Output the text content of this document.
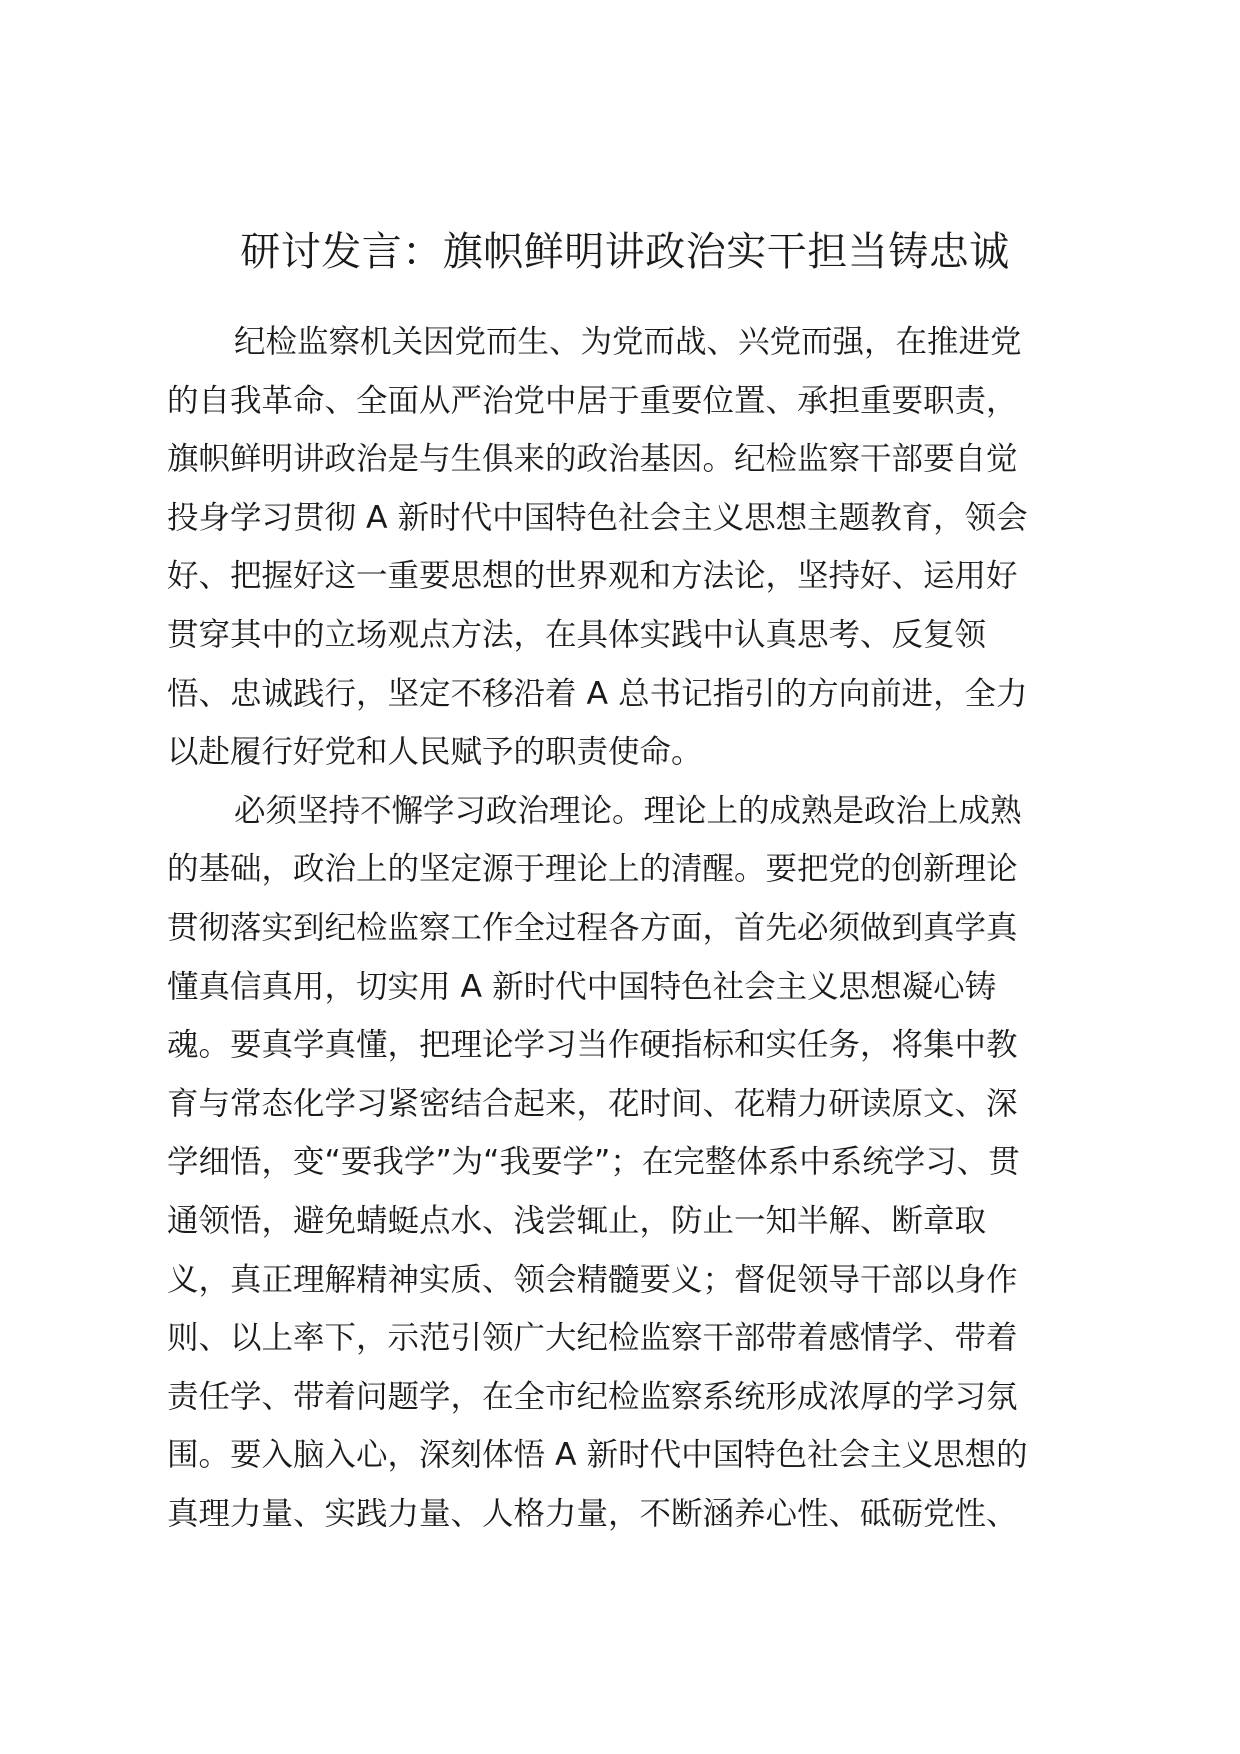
研讨发言：旗帜鲜明讲政治实干担当铸忠诚
纪检监察机关因党而生、为党而战、兴党而强，在推进党
的自我革命、全面从严治党中居于重要位置、承担重要职责，
旗帜鲜明讲政治是与生俱来的政治基因。纪检监察干部要自觉
投身学习贯彻 A 新时代中国特色社会主义思想主题教育，领会
好、把握好这一重要思想的世界观和方法论，坚持好、运用好
贯穿其中的立场观点方法，在具体实践中认真思考、反复领
悟、忠诚践行，坚定不移沿着 A 总书记指引的方向前进，全力
以赴履行好党和人民赋予的职责使命。
必须坚持不懈学习政治理论。理论上的成熟是政治上成熟
的基础，政治上的坚定源于理论上的清醒。要把党的创新理论
贯彻落实到纪检监察工作全过程各方面，首先必须做到真学真
懂真信真用，切实用 A 新时代中国特色社会主义思想凝心铸
魂。要真学真懂，把理论学习当作硬指标和实任务，将集中教
育与常态化学习紧密结合起来，花时间、花精力研读原文、深
学细悟，变“要我学”为“我要学”；在完整体系中系统学习、贯
通领悟，避免蜻蜓点水、浅尝辄止，防止一知半解、断章取
义，真正理解精神实质、领会精髓要义；督促领导干部以身作
则、以上率下，示范引领广大纪检监察干部带着感情学、带着
责任学、带着问题学，在全市纪检监察系统形成浓厚的学习氛
围。要入脑入心，深刻体悟 A 新时代中国特色社会主义思想的
真理力量、实践力量、人格力量，不断涵养心性、砥砺党性、
